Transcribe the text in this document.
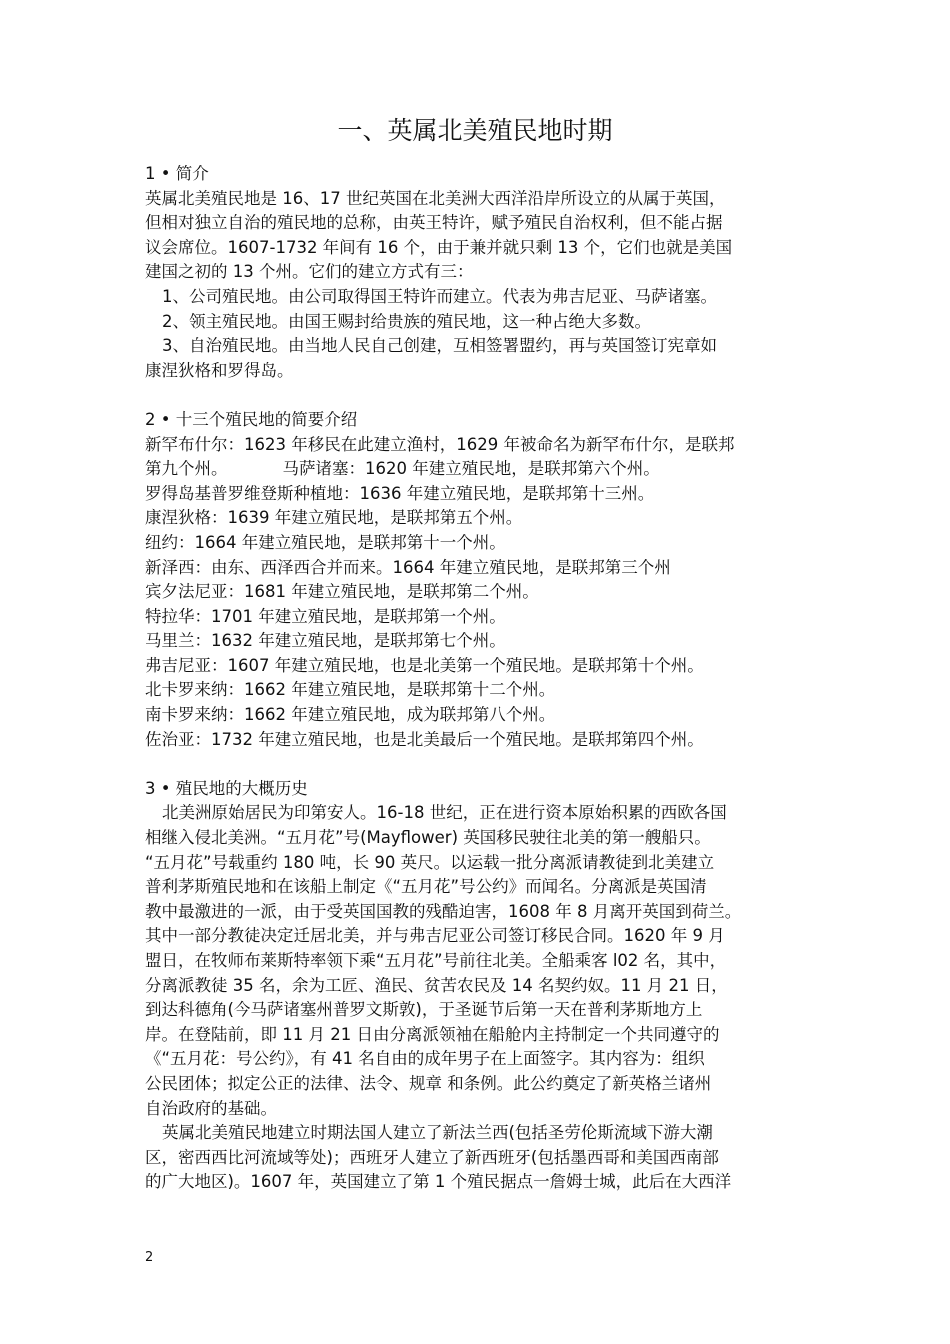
一、英属北美殖民地时期

1 • 简介

英属北美殖民地是 16、17 世纪英国在北美洲大西洋沿岸所设立的从属于英国，

但相对独立自治的殖民地的总称，由英王特许，赋予殖民自治权利，但不能占据

议会席位。1607-1732 年间有 16 个，由于兼并就只剩 13 个，它们也就是美国

建国之初的 13 个州。它们的建立方式有三：

1、公司殖民地。由公司取得国王特许而建立。代表为弗吉尼亚、马萨诸塞。

2、领主殖民地。由国王赐封给贵族的殖民地，这一种占绝大多数。

3、自治殖民地。由当地人民自己创建，互相签署盟约，再与英国签订宪章如

康涅狄格和罗得岛。

2 • 十三个殖民地的简要介绍

新罕布什尔：1623 年移民在此建立渔村，1629 年被命名为新罕布什尔，是联邦

第九个州。	马萨诸塞：1620 年建立殖民地，是联邦第六个州。

罗得岛基普罗维登斯种植地：1636 年建立殖民地，是联邦第十三州。

康涅狄格：1639 年建立殖民地，是联邦第五个州。

纽约：1664 年建立殖民地，是联邦第十一个州。

新泽西：由东、西泽西合并而来。1664 年建立殖民地，是联邦第三个州

宾夕法尼亚：1681 年建立殖民地，是联邦第二个州。

特拉华：1701 年建立殖民地，是联邦第一个州。

马里兰：1632 年建立殖民地，是联邦第七个州。

弗吉尼亚：1607 年建立殖民地，也是北美第一个殖民地。是联邦第十个州。

北卡罗来纳：1662 年建立殖民地，是联邦第十二个州。

南卡罗来纳：1662 年建立殖民地，成为联邦第八个州。

佐治亚：1732 年建立殖民地，也是北美最后一个殖民地。是联邦第四个州。

3 • 殖民地的大概历史

北美洲原始居民为印第安人。16-18 世纪，正在进行资本原始积累的西欧各国

相继入侵北美洲。“五月花”号(Mayflower) 英国移民驶往北美的第一艘船只。

“五月花”号载重约 180 吨，长 90 英尺。以运载一批分离派请教徒到北美建立

普利茅斯殖民地和在该船上制定《“五月花”号公约》而闻名。分离派是英国清

教中最激进的一派，由于受英国国教的残酷迫害，1608 年 8 月离开英国到荷兰。

其中一部分教徒决定迁居北美，并与弗吉尼亚公司签订移民合同。1620 年 9 月

盟日，在牧师布莱斯特率领下乘“五月花”号前往北美。全船乘客 l02 名，其中，

分离派教徒 35 名，余为工匠、渔民、贫苦农民及 14 名契约奴。11 月 21 日，

到达科德角(今马萨诸塞州普罗文斯敦)，于圣诞节后第一天在普利茅斯地方上

岸。在登陆前，即 11 月 21 日由分离派领袖在船舱内主持制定一个共同遵守的

《“五月花：号公约》，有 41 名自由的成年男子在上面签字。其内容为：组织

公民团体；拟定公正的法律、法令、规章 和条例。此公约奠定了新英格兰诸州

自治政府的基础。

英属北美殖民地建立时期法国人建立了新法兰西(包括圣劳伦斯流域下游大潮

区，密西西比河流域等处)；西班牙人建立了新西班牙(包括墨西哥和美国西南部

的广大地区)。1607 年，英国建立了第 1 个殖民据点一詹姆士城，此后在大西洋

2
